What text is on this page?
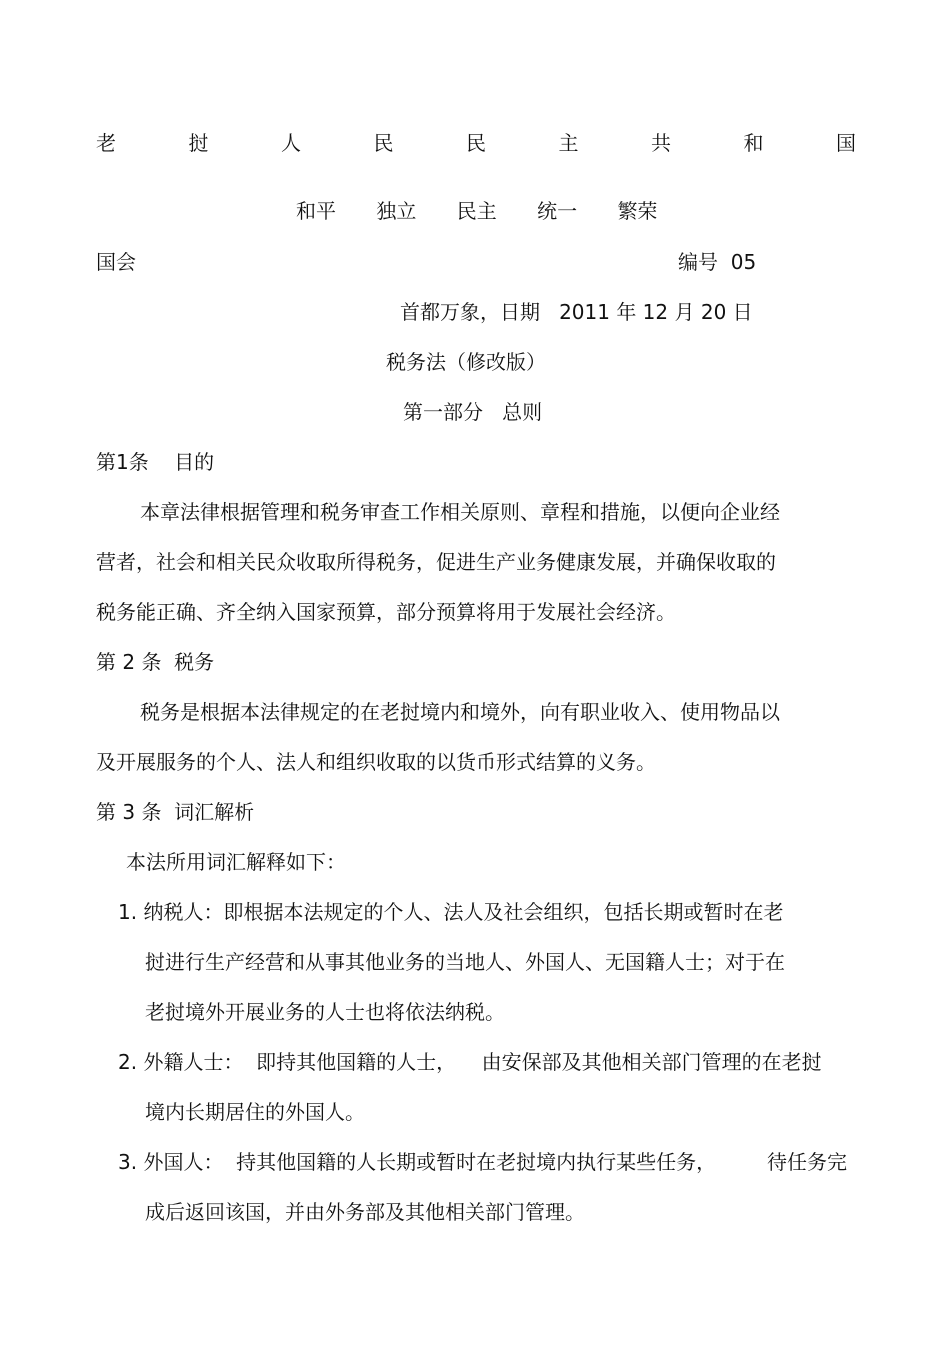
老	挝	人	民	民	主	共	和	国
和平 独立 民主 统一 繁荣
国会	编号  05
首都万象，日期   2011 年 12 月 20 日
税务法（修改版）
第一部分   总则
第1条    目的
本章法律根据管理和税务审查工作相关原则、章程和措施，以便向企业经
营者，社会和相关民众收取所得税务，促进生产业务健康发展，并确保收取的
税务能正确、齐全纳入国家预算，部分预算将用于发展社会经济。
第 2 条  税务
税务是根据本法律规定的在老挝境内和境外，向有职业收入、使用物品以
及开展服务的个人、法人和组织收取的以货币形式结算的义务。
第 3 条  词汇解析
本法所用词汇解释如下：
1. 纳税人：即根据本法规定的个人、法人及社会组织，包括长期或暂时在老
挝进行生产经营和从事其他业务的当地人、外国人、无国籍人士；对于在
老挝境外开展业务的人士也将依法纳税。
2. 外籍人士：  即持其他国籍的人士，    由安保部及其他相关部门管理的在老挝
境内长期居住的外国人。
3. 外国人：  持其他国籍的人长期或暂时在老挝境内执行某些任务，        待任务完
成后返回该国，并由外务部及其他相关部门管理。
